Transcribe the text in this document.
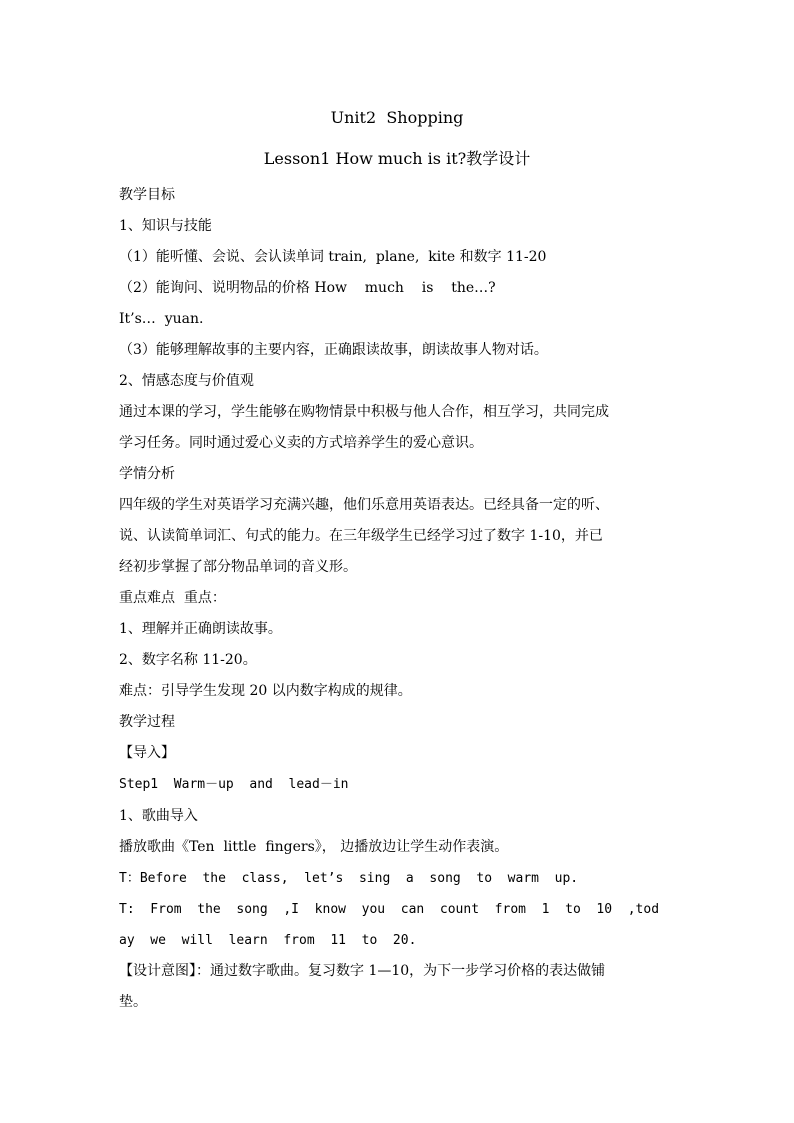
Unit2  Shopping
Lesson1 How much is it?教学设计
教学目标
1、知识与技能
（1）能听懂、会说、会认读单词 train,  plane,  kite 和数字 11-20
（2）能询问、说明物品的价格 How    much    is    the…?
It’s…  yuan.
（3）能够理解故事的主要内容，正确跟读故事，朗读故事人物对话。
2、情感态度与价值观
通过本课的学习，学生能够在购物情景中积极与他人合作，相互学习，共同完成
学习任务。同时通过爱心义卖的方式培养学生的爱心意识。
学情分析
四年级的学生对英语学习充满兴趣，他们乐意用英语表达。已经具备一定的听、
说、认读简单词汇、句式的能力。在三年级学生已经学习过了数字 1-10，并已
经初步掌握了部分物品单词的音义形。
重点难点  重点：
1、理解并正确朗读故事。
2、数字名称 11-20。
难点：引导学生发现 20 以内数字构成的规律。
教学过程
【导入】
Step1  Warm－up  and  lead－in
1、歌曲导入
播放歌曲《Ten  little  fingers》， 边播放边让学生动作表演。
T：Before  the  class,  let’s  sing  a  song  to  warm  up.
T:  From  the  song  ,I  know  you  can  count  from  1  to  10  ,tod
ay  we  will  learn  from  11  to  20.
【设计意图】：通过数字歌曲。复习数字 1—10，为下一步学习价格的表达做铺
垫。
